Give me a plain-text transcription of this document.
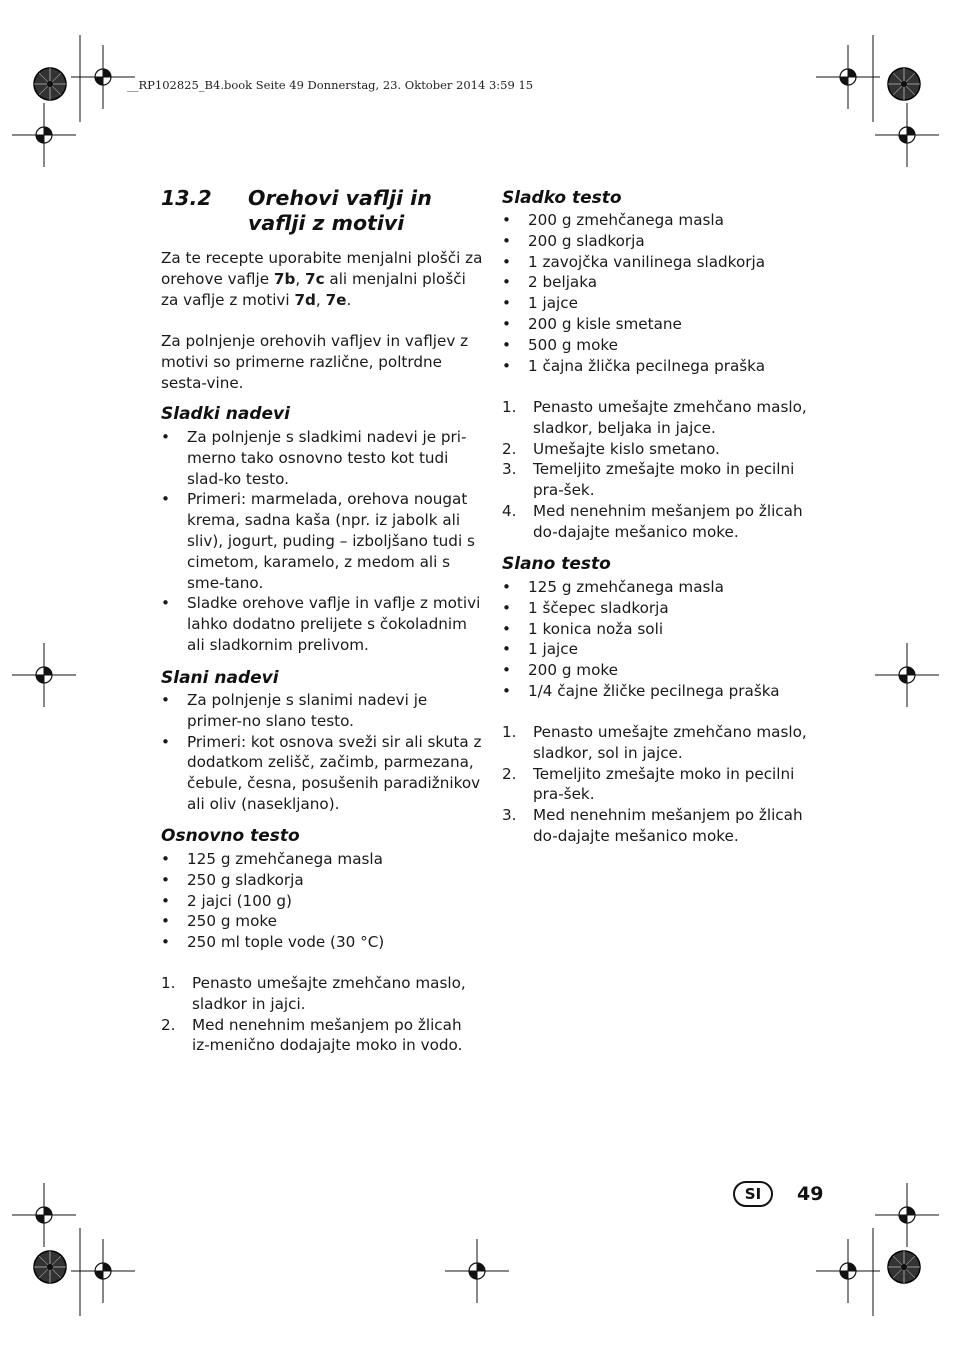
__RP102825_B4.book Seite 49 Donnerstag, 23. Oktober 2014 3:59 15
13.2	Orehovi vaflji in vaflji z motivi

Za te recepte uporabite menjalni plošči za orehove vaflje 7b, 7c ali menjalni plošči za vaflje z motivi 7d, 7e.

Za polnjenje orehovih vafljev in vafljev z motivi so primerne različne, poltrdne sesta-vine.

Sladki nadevi
• Za polnjenje s sladkimi nadevi je pri-merno tako osnovno testo kot tudi slad-ko testo.
• Primeri: marmelada, orehova nougat krema, sadna kaša (npr. iz jabolk ali sliv), jogurt, puding – izboljšano tudi s cimetom, karamelo, z medom ali s sme-tano.
• Sladke orehove vaflje in vaflje z motivi lahko dodatno prelijete s čokoladnim ali sladkornim prelivom.
Slani nadevi
• Za polnjenje s slanimi nadevi je primer-no slano testo.
• Primeri: kot osnova sveži sir ali skuta z dodatkom zelišč, začimb, parmezana, čebule, česna, posušenih paradižnikov ali oliv (nasekljano).
Osnovno testo
• 125 g zmehčanega masla
• 250 g sladkorja
• 2 jajci (100 g)
• 250 g moke
• 250 ml tople vode (30 °C)
1. Penasto umešajte zmehčano maslo, sladkor in jajci.
2. Med nenehnim mešanjem po žlicah iz-menično dodajajte moko in vodo.
Sladko testo
• 200 g zmehčanega masla
• 200 g sladkorja
• 1 zavojčka vanilinega sladkorja
• 2 beljaka
• 1 jajce
• 200 g kisle smetane
• 500 g moke
• 1 čajna žlička pecilnega praška
1. Penasto umešajte zmehčano maslo, sladkor, beljaka in jajce.
2. Umešajte kislo smetano.
3. Temeljito zmešajte moko in pecilni pra-šek.
4. Med nenehnim mešanjem po žlicah do-dajajte mešanico moke.
Slano testo
• 125 g zmehčanega masla
• 1 ščepec sladkorja
• 1 konica noža soli
• 1 jajce
• 200 g moke
• 1/4 čajne žličke pecilnega praška
1. Penasto umešajte zmehčano maslo, sladkor, sol in jajce.
2. Temeljito zmešajte moko in pecilni pra-šek.
3. Med nenehnim mešanjem po žlicah do-dajajte mešanico moke.
SI	49
